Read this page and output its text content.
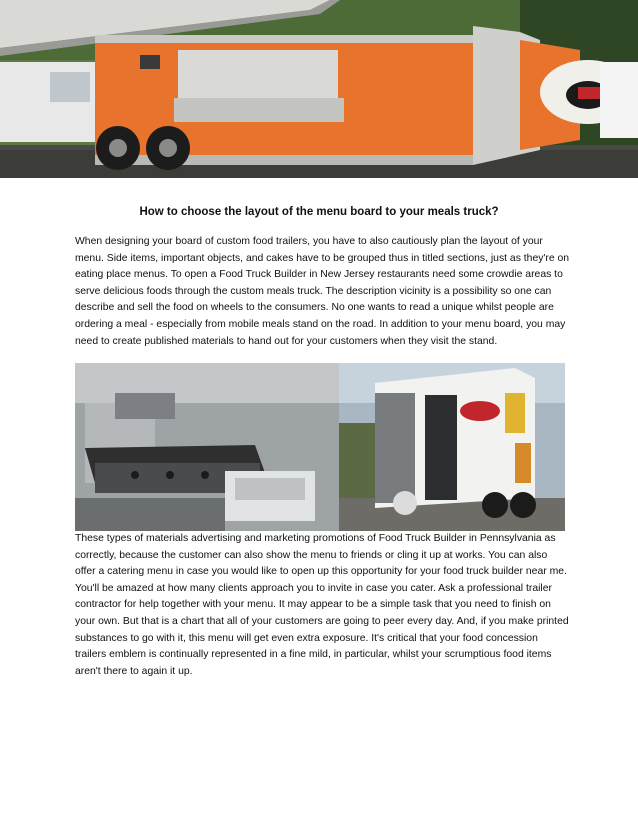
How to choose the layout of the menu board to your meals truck?

When designing your board of custom food trailers, you have to also cautiously plan the layout of your menu. Side items, important objects, and cakes have to be grouped thus in titled sections, just as they're on eating place menus. To open a Food Truck Builder in New Jersey restaurants need some crowdie areas to serve delicious foods through the custom meals truck. The description vicinity is a possibility so one can describe and sell the food on wheels to the consumers. No one wants to read a unique whilst people are ordering a meal - especially from mobile meals stand on the road. In addition to your menu board, you may need to create published materials to hand out for your customers when they visit the stand.

These types of materials advertising and marketing promotions of Food Truck Builder in Pennsylvania as correctly, because the customer can also show the menu to friends or cling it up at works. You can also offer a catering menu in case you would like to open up this opportunity for your food truck builder near me. You'll be amazed at how many clients approach you to invite in case you cater. Ask a professional trailer contractor for help together with your menu. It may appear to be a simple task that you need to finish on your own. But that is a chart that all of your customers are going to peer every day. And, if you make printed substances to go with it, this menu will get even extra exposure. It's critical that your food concession trailers emblem is continually represented in a fine mild, in particular, whilst your scrumptious food items aren't there to again it up.
